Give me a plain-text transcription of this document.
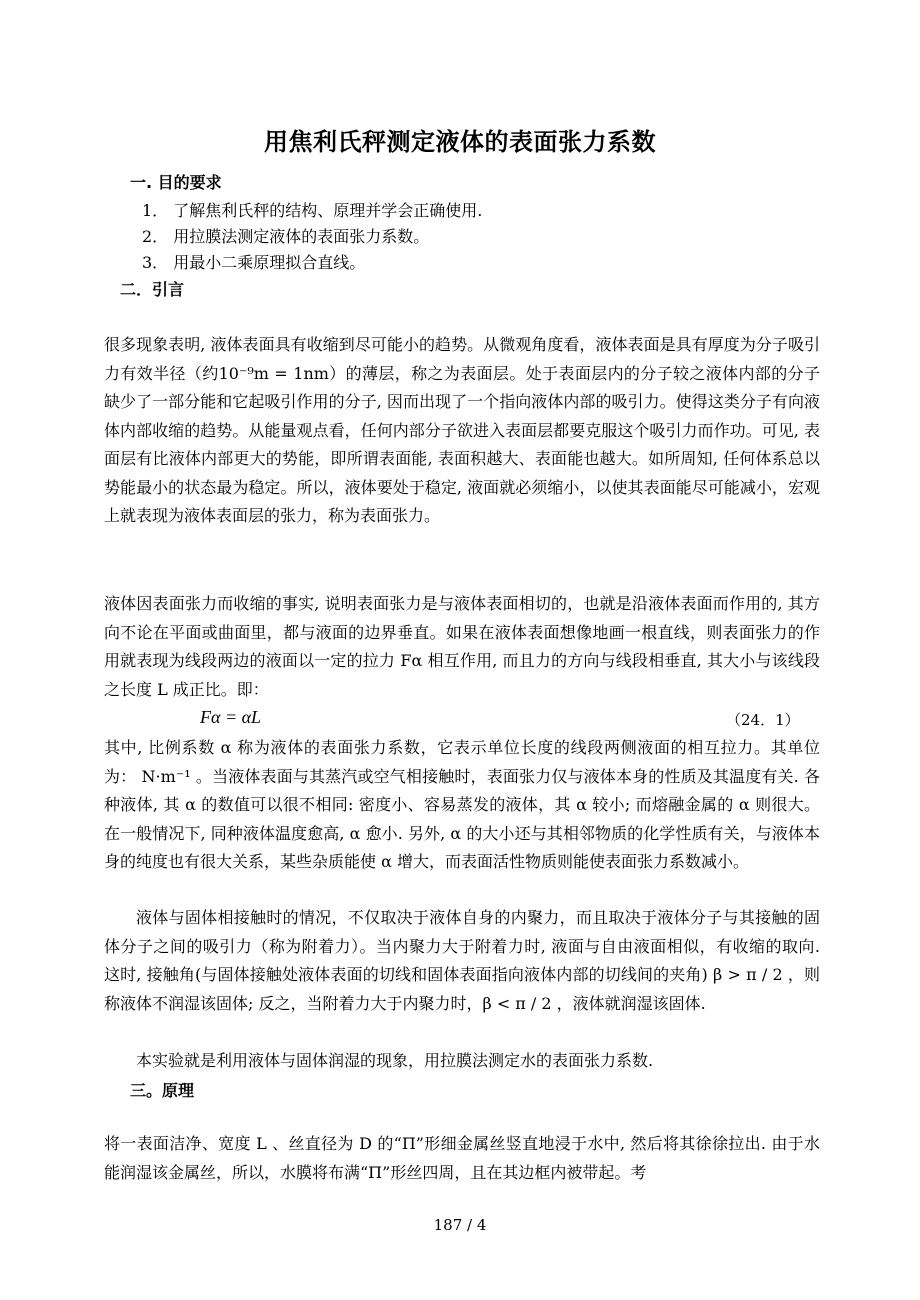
用焦利氏秤测定液体的表面张力系数
一. 目的要求
1． 了解焦利氏秤的结构、原理并学会正确使用.
2． 用拉膜法测定液体的表面张力系数。
3． 用最小二乘原理拟合直线。
二．引言

很多现象表明, 液体表面具有收缩到尽可能小的趋势。从微观角度看，液体表面是具有厚度为分子吸引力有效半径（约10⁻⁹m = 1nm）的薄层，称之为表面层。处于表面层内的分子较之液体内部的分子缺少了一部分能和它起吸引作用的分子, 因而出现了一个指向液体内部的吸引力。使得这类分子有向液体内部收缩的趋势。从能量观点看，任何内部分子欲进入表面层都要克服这个吸引力而作功。可见, 表面层有比液体内部更大的势能，即所谓表面能, 表面积越大、表面能也越大。如所周知, 任何体系总以势能最小的状态最为稳定。所以，液体要处于稳定, 液面就必须缩小，以使其表面能尽可能减小，宏观上就表现为液体表面层的张力，称为表面张力。

液体因表面张力而收缩的事实, 说明表面张力是与液体表面相切的，也就是沿液体表面而作用的, 其方向不论在平面或曲面里，都与液面的边界垂直。如果在液体表面想像地画一根直线，则表面张力的作用就表现为线段两边的液面以一定的拉力 Fα 相互作用, 而且力的方向与线段相垂直, 其大小与该线段之长度 L 成正比。即：

Fα = αL	（24．1）

其中, 比例系数 α 称为液体的表面张力系数，它表示单位长度的线段两侧液面的相互拉力。其单位为： N·m⁻¹ 。当液体表面与其蒸汽或空气相接触时，表面张力仅与液体本身的性质及其温度有关. 各种液体, 其 α 的数值可以很不相同: 密度小、容易蒸发的液体，其 α 较小; 而熔融金属的 α 则很大。在一般情况下, 同种液体温度愈高, α 愈小. 另外, α 的大小还与其相邻物质的化学性质有关，与液体本身的纯度也有很大关系，某些杂质能使 α 增大，而表面活性物质则能使表面张力系数减小。

液体与固体相接触时的情况，不仅取决于液体自身的内聚力，而且取决于液体分子与其接触的固体分子之间的吸引力（称为附着力）。当内聚力大于附着力时, 液面与自由液面相似，有收缩的取向. 这时, 接触角(与固体接触处液体表面的切线和固体表面指向液体内部的切线间的夹角) β > π / 2 ，则称液体不润湿该固体; 反之，当附着力大于内聚力时，β < π / 2 ，液体就润湿该固体.

本实验就是利用液体与固体润湿的现象，用拉膜法测定水的表面张力系数.

三。原理

将一表面洁净、宽度 L 、丝直径为 D 的“Π”形细金属丝竖直地浸于水中, 然后将其徐徐拉出. 由于水能润湿该金属丝，所以，水膜将布满“Π”形丝四周，且在其边框内被带起。考

187 / 4
